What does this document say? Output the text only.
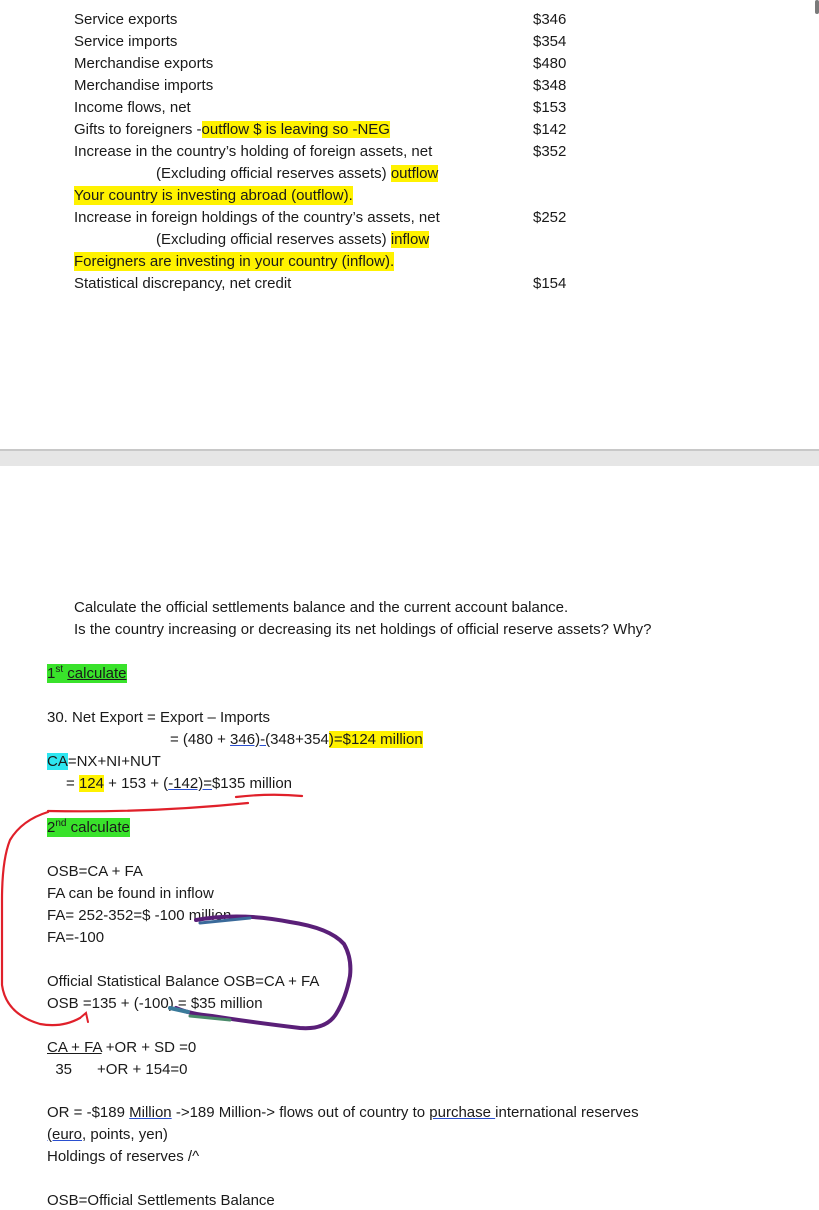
Service exports	$346
Service imports	$354
Merchandise exports	$480
Merchandise imports	$348
Income flows, net	$153
Gifts to foreigners -outflow $ is leaving so -NEG	$142
Increase in the country’s holding of foreign assets, net	$352
(Excluding official reserves assets) outflow
Your country is investing abroad (outflow).
Increase in foreign holdings of the country’s assets, net	$252
(Excluding official reserves assets) inflow
Foreigners are investing in your country (inflow).
Statistical discrepancy, net credit	$154
Calculate the official settlements balance and the current account balance.
Is the country increasing or decreasing its net holdings of official reserve assets? Why?
1st calculate
30. Net Export = Export – Imports
= (480 + 346)-(348+354)=$124 million
CA=NX+NI+NUT
= 124 + 153 + (-142)=$135 million
2nd calculate
OSB=CA + FA
FA can be found in inflow
FA= 252-352=$ -100 million
FA=-100
Official Statistical Balance OSB=CA + FA
OSB =135 + (-100) = $35 million
CA + FA +OR + SD =0
35      +OR + 154=0
OR = -$189 Million ->189 Million-> flows out of country to purchase international reserves
(euro, points, yen)
Holdings of reserves /^
OSB=Official Settlements Balance
